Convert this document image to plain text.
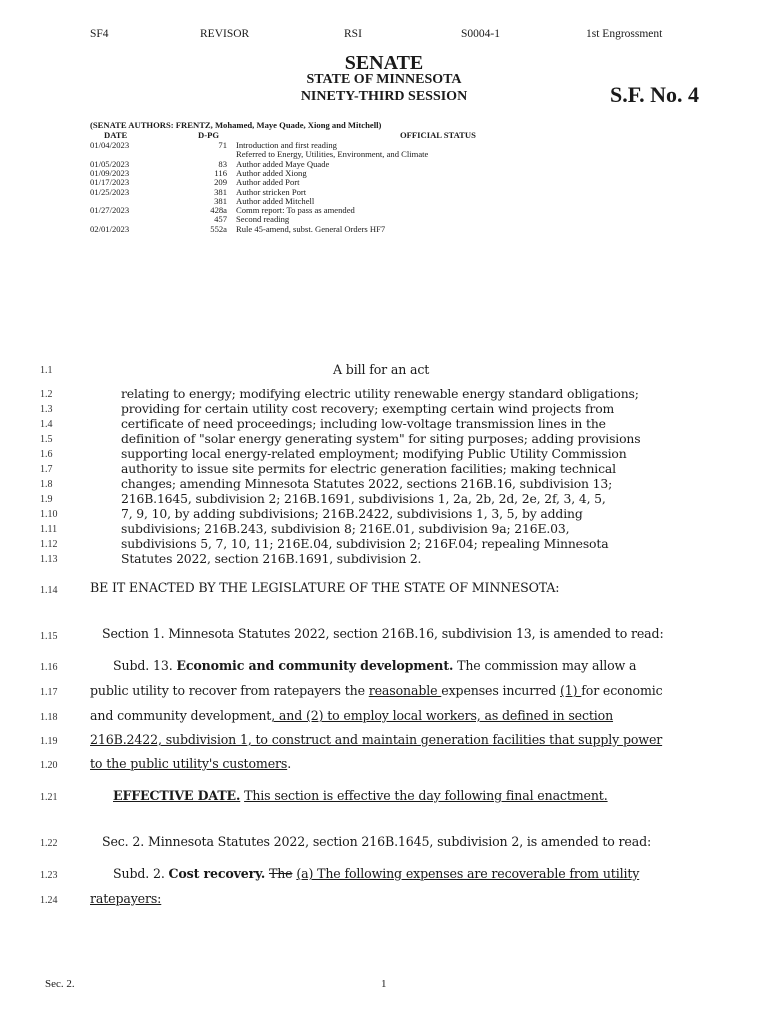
SF4	REVISOR	RSI	S0004-1	1st Engrossment
SENATE
STATE OF MINNESOTA
NINETY-THIRD SESSION	S.F. No. 4
(SENATE AUTHORS: FRENTZ, Mohamed, Maye Quade, Xiong and Mitchell)
DATE	D-PG	OFFICIAL STATUS
01/04/2023	71 Introduction and first reading
Referred to Energy, Utilities, Environment, and Climate
01/05/2023	83 Author added Maye Quade
01/09/2023	116 Author added Xiong
01/17/2023	209 Author added Port
01/25/2023	381 Author stricken Port
381 Author added Mitchell
01/27/2023	428a Comm report: To pass as amended
457 Second reading
02/01/2023	552a Rule 45-amend, subst. General Orders HF7
1.1
1.2
1.3
1.4
1.5
1.6
1.7
1.8
1.9
1.10
1.11
1.12
1.13
1.14
1.15
1.16
1.17
1.18
1.19
1.20
1.21
1.22
1.23
1.24
A bill for an act
relating to energy; modifying electric utility renewable energy standard obligations;
providing for certain utility cost recovery; exempting certain wind projects from
certificate of need proceedings; including low-voltage transmission lines in the
definition of "solar energy generating system" for siting purposes; adding provisions
supporting local energy-related employment; modifying Public Utility Commission
authority to issue site permits for electric generation facilities; making technical
changes; amending Minnesota Statutes 2022, sections 216B.16, subdivision 13;
216B.1645, subdivision 2; 216B.1691, subdivisions 1, 2a, 2b, 2d, 2e, 2f, 3, 4, 5,
7, 9, 10, by adding subdivisions; 216B.2422, subdivisions 1, 3, 5, by adding
subdivisions; 216B.243, subdivision 8; 216E.01, subdivision 9a; 216E.03,
subdivisions 5, 7, 10, 11; 216E.04, subdivision 2; 216F.04; repealing Minnesota
Statutes 2022, section 216B.1691, subdivision 2.
BE IT ENACTED BY THE LEGISLATURE OF THE STATE OF MINNESOTA:
Section 1. Minnesota Statutes 2022, section 216B.16, subdivision 13, is amended to read:
Subd. 13. Economic and community development. The commission may allow a
public utility to recover from ratepayers the reasonable expenses incurred (1) for economic
and community development, and (2) to employ local workers, as defined in section
216B.2422, subdivision 1, to construct and maintain generation facilities that supply power
to the public utility's customers.
EFFECTIVE DATE. This section is effective the day following final enactment.
Sec. 2. Minnesota Statutes 2022, section 216B.1645, subdivision 2, is amended to read:
Subd. 2. Cost recovery. The (a) The following expenses are recoverable from utility
ratepayers:
Sec. 2.	1
